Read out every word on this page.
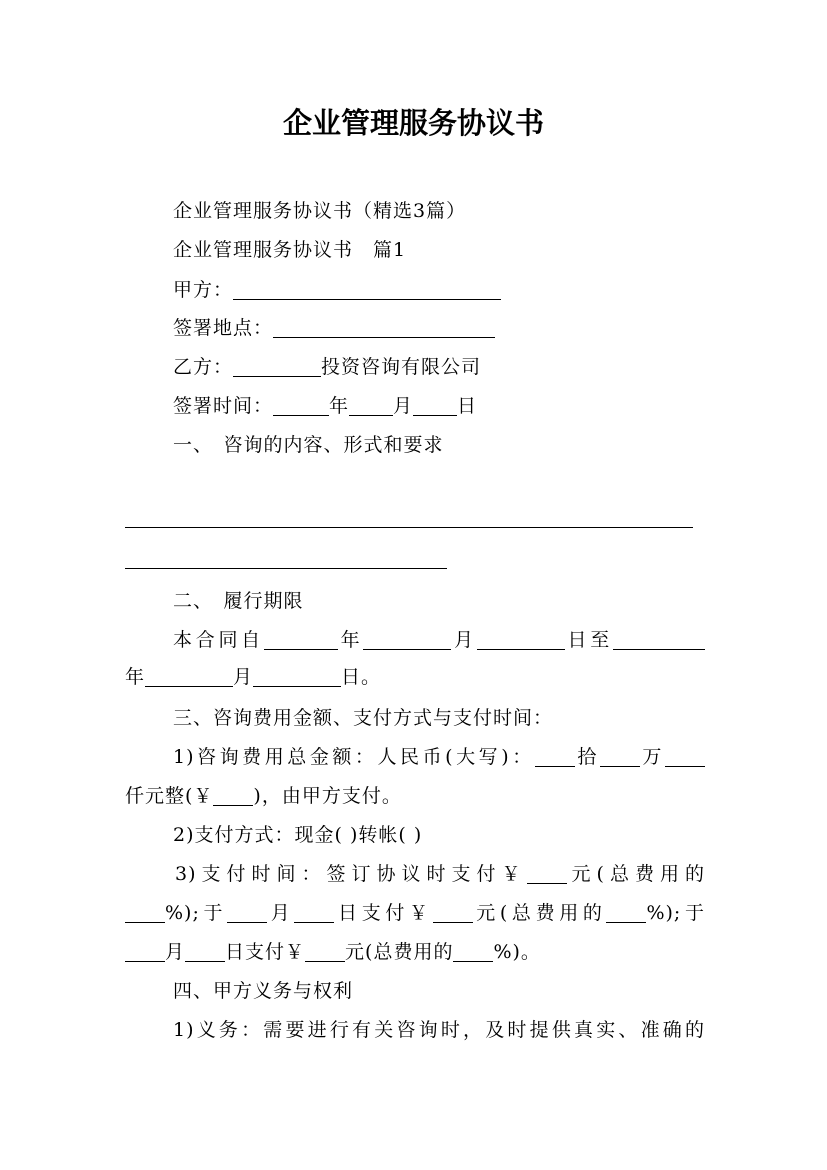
企业管理服务协议书
企业管理服务协议书（精选3篇）
企业管理服务协议书　篇1
甲方：
签署地点：
乙方：	投资咨询有限公司
签署时间：	年 月 日
一、　咨询的内容、形式和要求
二、　履行期限
本合同自	年	月	日至
年	月	日。
三、咨询费用金额、支付方式与支付时间：
1)咨询费用总金额：人民币(大写)： 拾 万
仟元整(￥ )，由甲方支付。
2)支付方式：现金( )转帐( )
3)支付时间：签订协议时支付￥ 元(总费用的
%);于 月 日支付￥ 元(总费用的 %);于
月 日支付￥ 元(总费用的 %)。
四、甲方义务与权利
1)义务：需要进行有关咨询时，及时提供真实、准确的
